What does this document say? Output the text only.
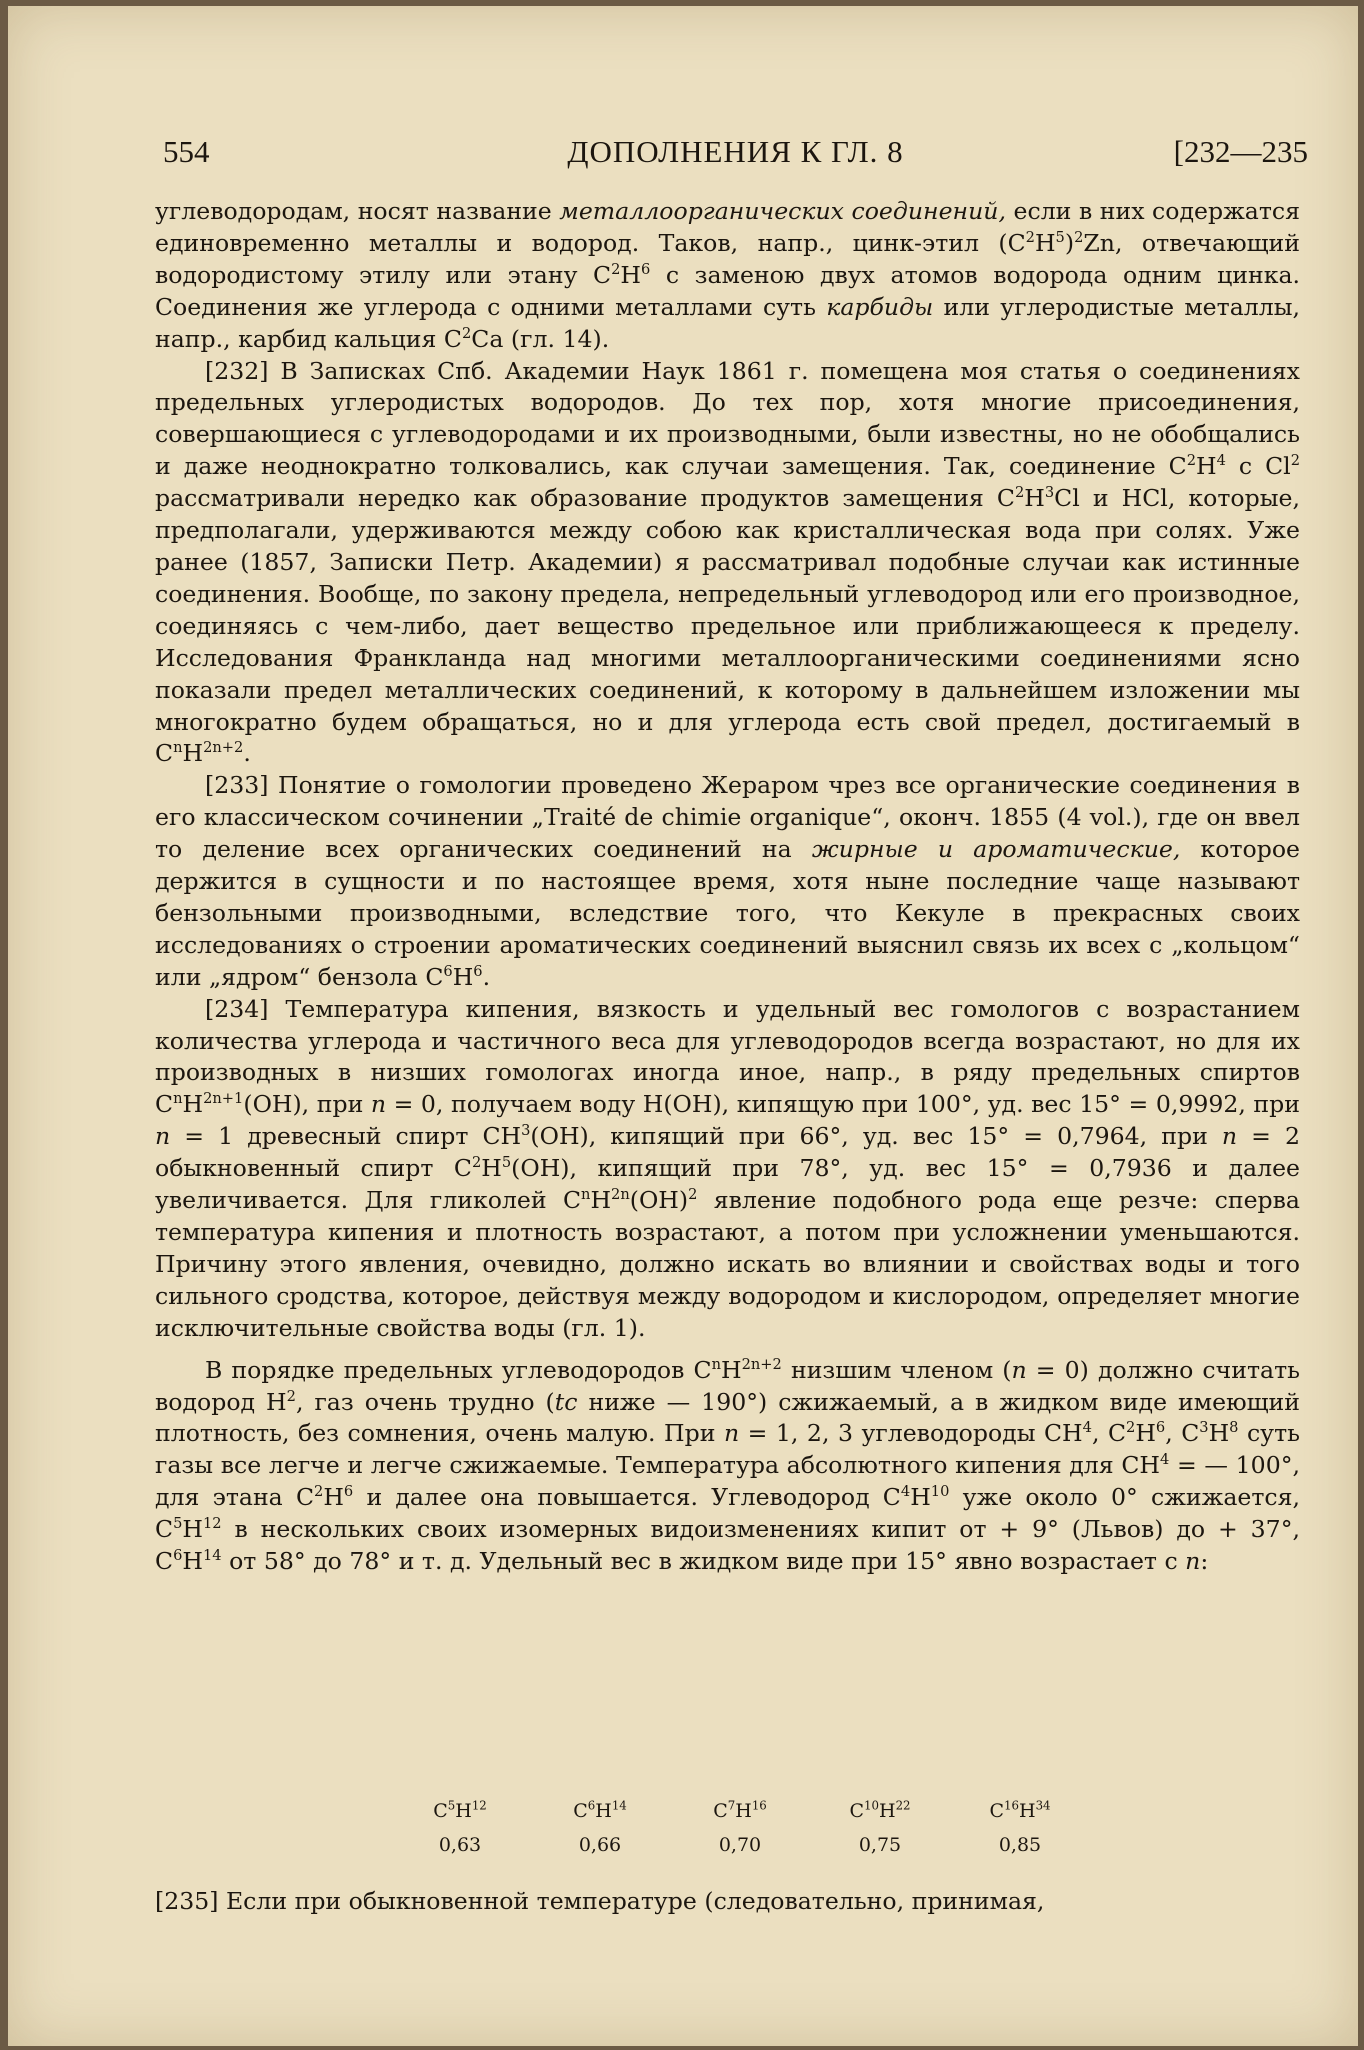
554	ДОПОЛНЕНИЯ К ГЛ. 8	[232—235

углеводородам, носят название металлоорганических соединений, если в них содержатся единовременно металлы и водород. Таков, напр., цинк-этил $(C^2H^5)^2Zn$, отвечающий водородистому этилу или этану $C^2H^6$ с заменою двух атомов водорода одним цинка. Соединения же углерода с одними металлами суть карбиды или углеродистые металлы, напр., карбид кальция $C^2Ca$ (гл. 14).

[232] В Записках Спб. Академии Наук 1861 г. помещена моя статья о соединениях предельных углеродистых водородов. До тех пор, хотя многие присоединения, совершающиеся с углеводородами и их производными, были известны, но не обобщались и даже неоднократно толковались, как случаи замещения. Так, соединение $C^2H^4$ с Cl$^2$ рассматривали нередко как образование продуктов замещения $C^2H^3Cl$ и HCl, которые, предполагали, удерживаются между собою как кристаллическая вода при солях. Уже ранее (1857, Записки Петр. Академии) я рассматривал подобные случаи как истинные соединения. Вообще, по закону предела, непредельный углеводород или его производное, соединяясь с чем-либо, дает вещество предельное или приближающееся к пределу. Исследования Франкланда над многими металлоорганическими соединениями ясно показали предел металлических соединений, к которому в дальнейшем изложении мы многократно будем обращаться, но и для углерода есть свой предел, достигаемый в $C^nH^{2n+2}$.

[233] Понятие о гомологии проведено Жераром чрез все органические соединения в его классическом сочинении „Traité de chimie organique“, оконч. 1855 (4 vol.), где он ввел то деление всех органических соединений на жирные и ароматические, которое держится в сущности и по настоящее время, хотя ныне последние чаще называют бензольными производными, вследствие того, что Кекуле в прекрасных своих исследованиях о строении ароматических соединений выяснил связь их всех с „кольцом“ или „ядром“ бензола $C^6H^6$.

[234] Температура кипения, вязкость и удельный вес гомологов с возрастанием количества углерода и частичного веса для углеводородов всегда возрастают, но для их производных в низших гомологах иногда иное, напр., в ряду предельных спиртов $C^nH^{2n+1}(OH)$, при n = 0, получаем воду H(OH), кипящую при 100°, уд. вес 15° = 0,9992, при n = 1 древесный спирт $CH^3(OH)$, кипящий при 66°, уд. вес 15° = 0,7964, при n = 2 обыкновенный спирт $C^2H^5(OH)$, кипящий при 78°, уд. вес 15° = 0,7936 и далее увеличивается. Для гликолей $C^nH^{2n}(OH)^2$ явление подобного рода еще резче: сперва температура кипения и плотность возрастают, а потом при усложнении уменьшаются. Причину этого явления, очевидно, должно искать во влиянии и свойствах воды и того сильного сродства, которое, действуя между водородом и кислородом, определяет многие исключительные свойства воды (гл. 1).

В порядке предельных углеводородов $C^nH^{2n+2}$ низшим членом (n = 0) должно считать водород $H^2$, газ очень трудно (tc ниже — 190°) сжижаемый, а в жидком виде имеющий плотность, без сомнения, очень малую. При n = 1, 2, 3 углеводороды $CH^4$, $C^2H^6$, $C^3H^8$ суть газы все легче и легче сжижаемые. Температура абсолютного кипения для $CH^4$ = — 100°, для этана $C^2H^6$ и далее она повышается. Углеводород $C^4H^{10}$ уже около 0° сжижается, $C^5H^{12}$ в нескольких своих изомерных видоизменениях кипит от + 9° (Львов) до + 37°, $C^6H^{14}$ от 58° до 78° и т. д. Удельный вес в жидком виде при 15° явно возрастает с n:

$C^5H^{12}$	$C^6H^{14}$	$C^7H^{16}$	$C^{10}H^{22}$	$C^{16}H^{34}$
0,63	0,66	0,70	0,75	0,85
[235] Если при обыкновенной температуре (следовательно, принимая,
